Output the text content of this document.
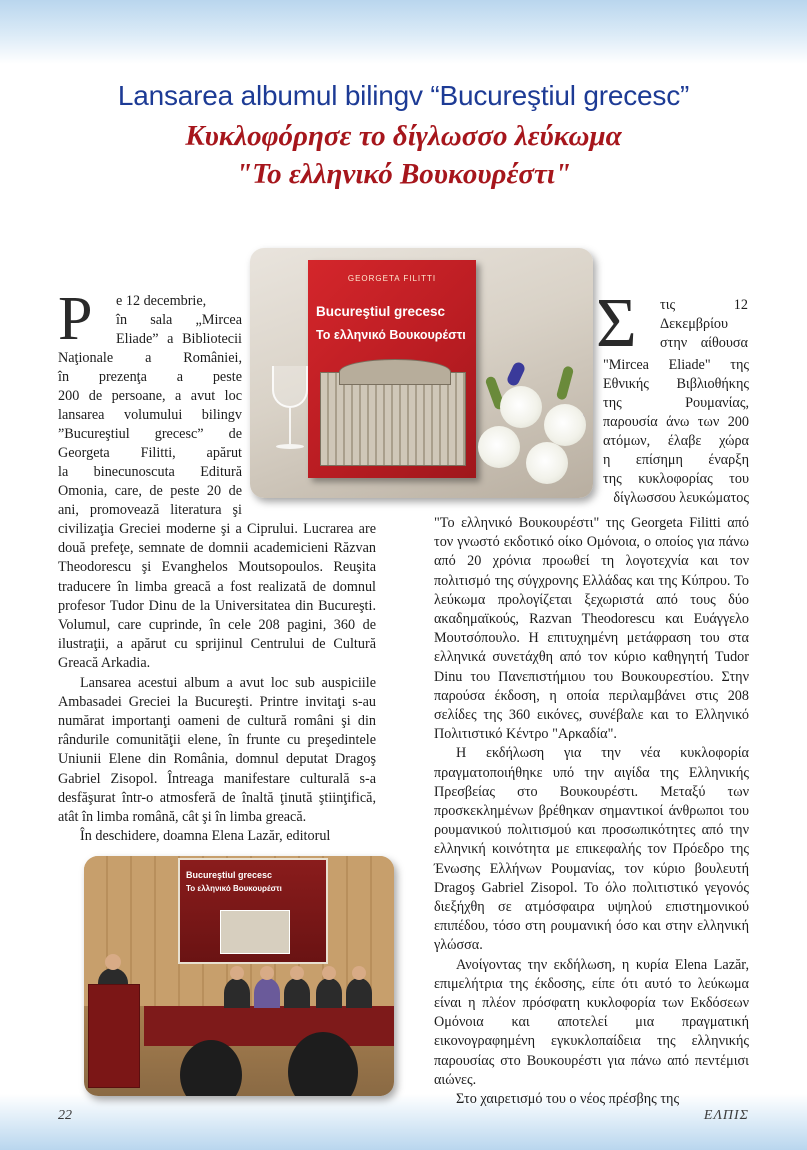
Lansarea albumul bilingv “Bucureştiul grecesc”
Κυκλοφόρησε το δίγλωσσο λεύκωμα
"Το ελληνικό Βουκουρέστι"
GEORGETA FILITTI
Bucureştiul grecesc
Το ελληνικό Βουκουρέστι
P	e 12 decembrie,
în sala „Mircea
Eliade” a Bibliotecii
Naţionale a României,
în prezenţa a peste
200 de persoane, a avut loc
lansarea volumului bilingv
”Bucureştiul grecesc” de
Georgeta Filitti, apărut
la binecunoscuta Editură
Omonia, care, de peste 20 de
ani, promovează literatura şi

civilizaţia Greciei moderne şi a Ciprului. Lucrarea are două prefeţe, semnate de domnii academicieni Răzvan Theodorescu şi Evanghelos Moutsopoulos. Reuşita traducere în limba greacă a fost realizată de domnul profesor Tudor Dinu de la Universitatea din Bucureşti. Volumul, care cuprinde, în cele 208 pagini, 360 de ilustraţii, a apărut cu sprijinul Centrului de Cultură Greacă Arkadia.

Lansarea acestui album a avut loc sub auspiciile Ambasadei Greciei la Bucureşti. Printre invitaţi s-au numărat importanţi oameni de cultură români şi din rândurile comunităţii elene, în frunte cu preşedintele Uniunii Elene din România, domnul deputat Dragoş Gabriel Zisopol. Întreaga manifestare culturală s-a desfăşurat într-o atmosferă de înaltă ţinută ştiinţifică, atât în limba română, cât şi în limba greacă.

În deschidere, doamna Elena Lazăr, editorul

Bucureştiul grecesc
Το ελληνικό Βουκουρέστι
Σ	τις 12
Δεκεμβρίου
στην αίθουσα
"Mircea Eliade" της
Εθνικής Βιβλιοθήκης
της Ρουμανίας,
παρουσία άνω των 200
ατόμων, έλαβε χώρα
η επίσημη έναρξη
της κυκλοφορίας του
δίγλωσσου λευκώματος

"Το ελληνικό Βουκουρέστι" της Georgeta Filitti από τον γνωστό εκδοτικό οίκο Ομόνοια, ο οποίος για πάνω από 20 χρόνια προωθεί τη λογοτεχνία και τον πολιτισμό της σύγχρονης Ελλάδας και της Κύπρου. Το λεύκωμα προλογίζεται ξεχωριστά από τους δύο ακαδημαϊκούς, Razvan Theodorescu και Ευάγγελο Μουτσόπουλο. Η επιτυχημένη μετάφραση του στα ελληνικά συνετάχθη από τον κύριο καθηγητή Tudor Dinu του Πανεπιστήμιου του Βουκουρεστίου. Στην παρούσα έκδοση, η οποία περιλαμβάνει στις 208 σελίδες της 360 εικόνες, συνέβαλε και το Ελληνικό Πολιτιστικό Κέντρο "Αρκαδία".

Η εκδήλωση για την νέα κυκλοφορία πραγματοποιήθηκε υπό την αιγίδα της Ελληνικής Πρεσβείας στο Βουκουρέστι. Μεταξύ των προσκεκλημένων βρέθηκαν σημαντικοί άνθρωποι του ρουμανικού πολιτισμού και προσωπικότητες από την ελληνική κοινότητα με επικεφαλής τον Πρόεδρο της Ένωσης Ελλήνων Ρουμανίας, τον κύριο βουλευτή Dragoş Gabriel Zisopol. Το όλο πολιτιστικό γεγονός διεξήχθη σε ατμόσφαιρα υψηλού επιστημονικού επιπέδου, τόσο στη ρουμανική όσο και στην ελληνική γλώσσα.

Ανοίγοντας την εκδήλωση, η κυρία Elena Lazăr, επιμελήτρια της έκδοσης, είπε ότι αυτό το λεύκωμα είναι η πλέον πρόσφατη κυκλοφορία των Εκδόσεων Ομόνοια και αποτελεί μια πραγματική εικονογραφημένη εγκυκλοπαίδεια της ελληνικής παρουσίας στο Βουκουρέστι για πάνω από πεντέμισι αιώνες.

Στο χαιρετισμό του ο νέος πρέσβης της

22	ΕΛΠΙΣ
